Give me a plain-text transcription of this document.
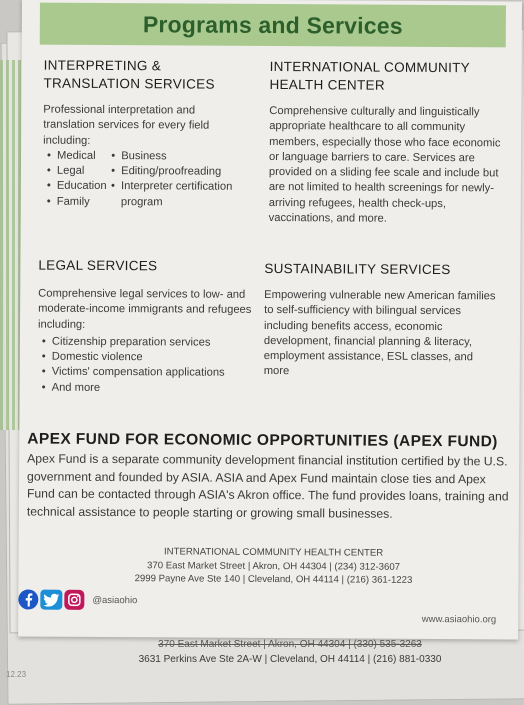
370 East Market Street | Akron, OH 44304 | (330) 535-3263
3631 Perkins Ave Ste 2A-W | Cleveland, OH 44114 | (216) 881-0330
12.23
Programs and Services
INTERPRETING &
TRANSLATION SERVICES

Professional interpretation and translation services for every field including:

• Medical
• Legal
• Education
• Family
• Business
• Editing/proofreading
• Interpreter certification program
INTERNATIONAL COMMUNITY
HEALTH CENTER

Comprehensive culturally and linguistically appropriate healthcare to all community members, especially those who face economic or language barriers to care. Services are provided on a sliding fee scale and include but are not limited to health screenings for newly-arriving refugees, health check-ups, vaccinations, and more.

LEGAL SERVICES

Comprehensive legal services to low- and moderate-income immigrants and refugees including:

• Citizenship preparation services
• Domestic violence
• Victims' compensation applications
• And more
SUSTAINABILITY SERVICES

Empowering vulnerable new American families to self-sufficiency with bilingual services including benefits access, economic development, financial planning & literacy, employment assistance, ESL classes, and more

APEX FUND FOR ECONOMIC OPPORTUNITIES (APEX FUND)

Apex Fund is a separate community development financial institution certified by the U.S. government and founded by ASIA. ASIA and Apex Fund maintain close ties and Apex Fund can be contacted through ASIA's Akron office. The fund provides loans, training and technical assistance to people starting or growing small businesses.

INTERNATIONAL COMMUNITY HEALTH CENTER
370 East Market Street | Akron, OH 44304 | (234) 312-3607
2999 Payne Ave Ste 140 | Cleveland, OH 44114 | (216) 361-1223
@asiaohio
www.asiaohio.org
